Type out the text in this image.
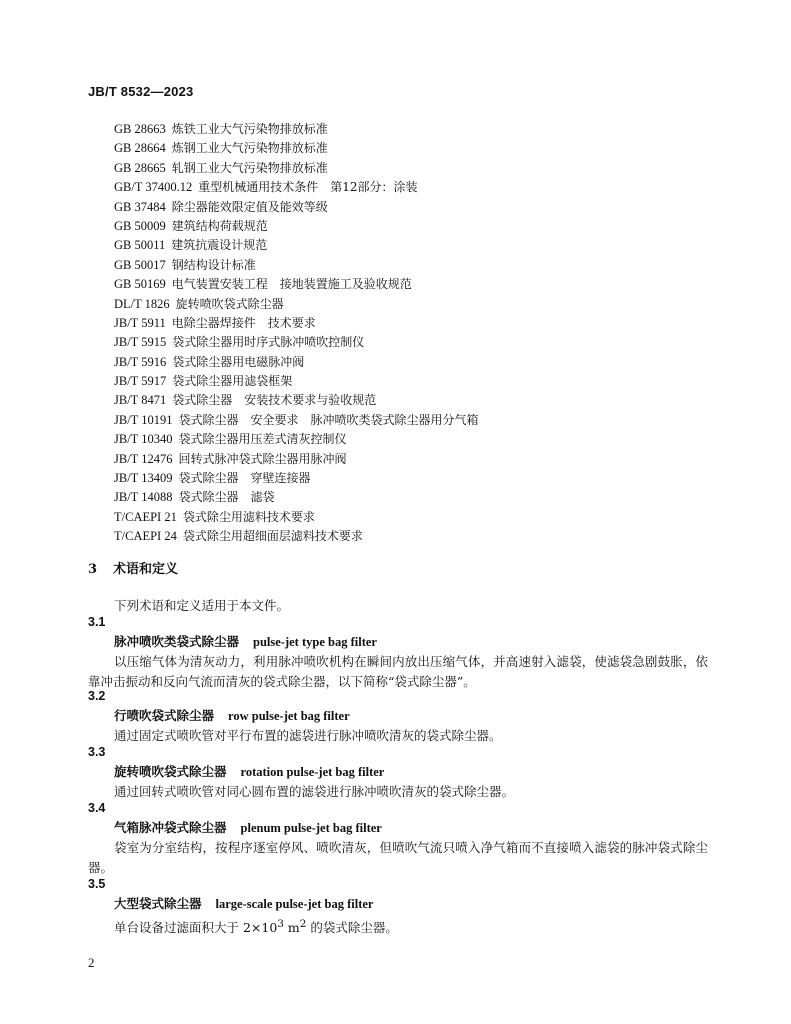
JB/T 8532—2023
GB 28663 炼铁工业大气污染物排放标准
GB 28664 炼钢工业大气污染物排放标准
GB 28665 轧钢工业大气污染物排放标准
GB/T 37400.12 重型机械通用技术条件　第12部分：涂装
GB 37484 除尘器能效限定值及能效等级
GB 50009 建筑结构荷载规范
GB 50011 建筑抗震设计规范
GB 50017 钢结构设计标准
GB 50169 电气装置安装工程　接地装置施工及验收规范
DL/T 1826 旋转喷吹袋式除尘器
JB/T 5911 电除尘器焊接件　技术要求
JB/T 5915 袋式除尘器用时序式脉冲喷吹控制仪
JB/T 5916 袋式除尘器用电磁脉冲阀
JB/T 5917 袋式除尘器用滤袋框架
JB/T 8471 袋式除尘器　安装技术要求与验收规范
JB/T 10191 袋式除尘器　安全要求　脉冲喷吹类袋式除尘器用分气箱
JB/T 10340 袋式除尘器用压差式清灰控制仪
JB/T 12476 回转式脉冲袋式除尘器用脉冲阀
JB/T 13409 袋式除尘器　穿壁连接器
JB/T 14088 袋式除尘器　滤袋
T/CAEPI 21 袋式除尘用滤料技术要求
T/CAEPI 24 袋式除尘用超细面层滤料技术要求
3 术语和定义
下列术语和定义适用于本文件。
3.1
脉冲喷吹类袋式除尘器 pulse-jet type bag filter

以压缩气体为清灰动力，利用脉冲喷吹机构在瞬间内放出压缩气体，并高速射入滤袋，使滤袋急剧鼓胀，依靠冲击振动和反向气流而清灰的袋式除尘器，以下简称“袋式除尘器”。

3.2
行喷吹袋式除尘器 row pulse-jet bag filter

通过固定式喷吹管对平行布置的滤袋进行脉冲喷吹清灰的袋式除尘器。

3.3
旋转喷吹袋式除尘器 rotation pulse-jet bag filter

通过回转式喷吹管对同心圆布置的滤袋进行脉冲喷吹清灰的袋式除尘器。

3.4
气箱脉冲袋式除尘器 plenum pulse-jet bag filter

袋室为分室结构，按程序逐室停风、喷吹清灰，但喷吹气流只喷入净气箱而不直接喷入滤袋的脉冲袋式除尘器。

3.5
大型袋式除尘器 large-scale pulse-jet bag filter

单台设备过滤面积大于 $2\times 10^3$ $m^2$ 的袋式除尘器。

2
